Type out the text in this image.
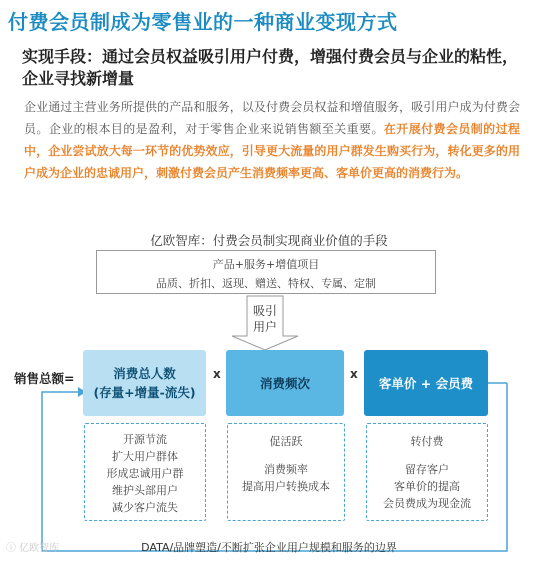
付费会员制成为零售业的一种商业变现方式
实现手段：通过会员权益吸引用户付费，增强付费会员与企业的粘性，企业寻找新增量
企业通过主营业务所提供的产品和服务，以及付费会员权益和增值服务，吸引用户成为付费会员。企业的根本目的是盈利，对于零售企业来说销售额至关重要。在开展付费会员制的过程中，企业尝试放大每一环节的优势效应，引导更大流量的用户群发生购买行为，转化更多的用户成为企业的忠诚用户，刺激付费会员产生消费频率更高、客单价更高的消费行为。
亿欧智库：付费会员制实现商业价值的手段
产品+服务+增值项目
品质、折扣、返现、赠送、特权、专属、定制
吸引
用户
销售总额=	消费总人数
(存量+增量-流失)
x
消费频次
x
客单价 + 会员费
开源节流
扩大用户群体
形成忠诚用户群
维护头部用户
减少客户流失
促活跃
消费频率
提高用户转换成本
转付费
留存客户
客单价的提高
会员费成为现金流
DATA/品牌塑造/不断扩张企业用户规模和服务的边界
ⓘ 亿欧智库
